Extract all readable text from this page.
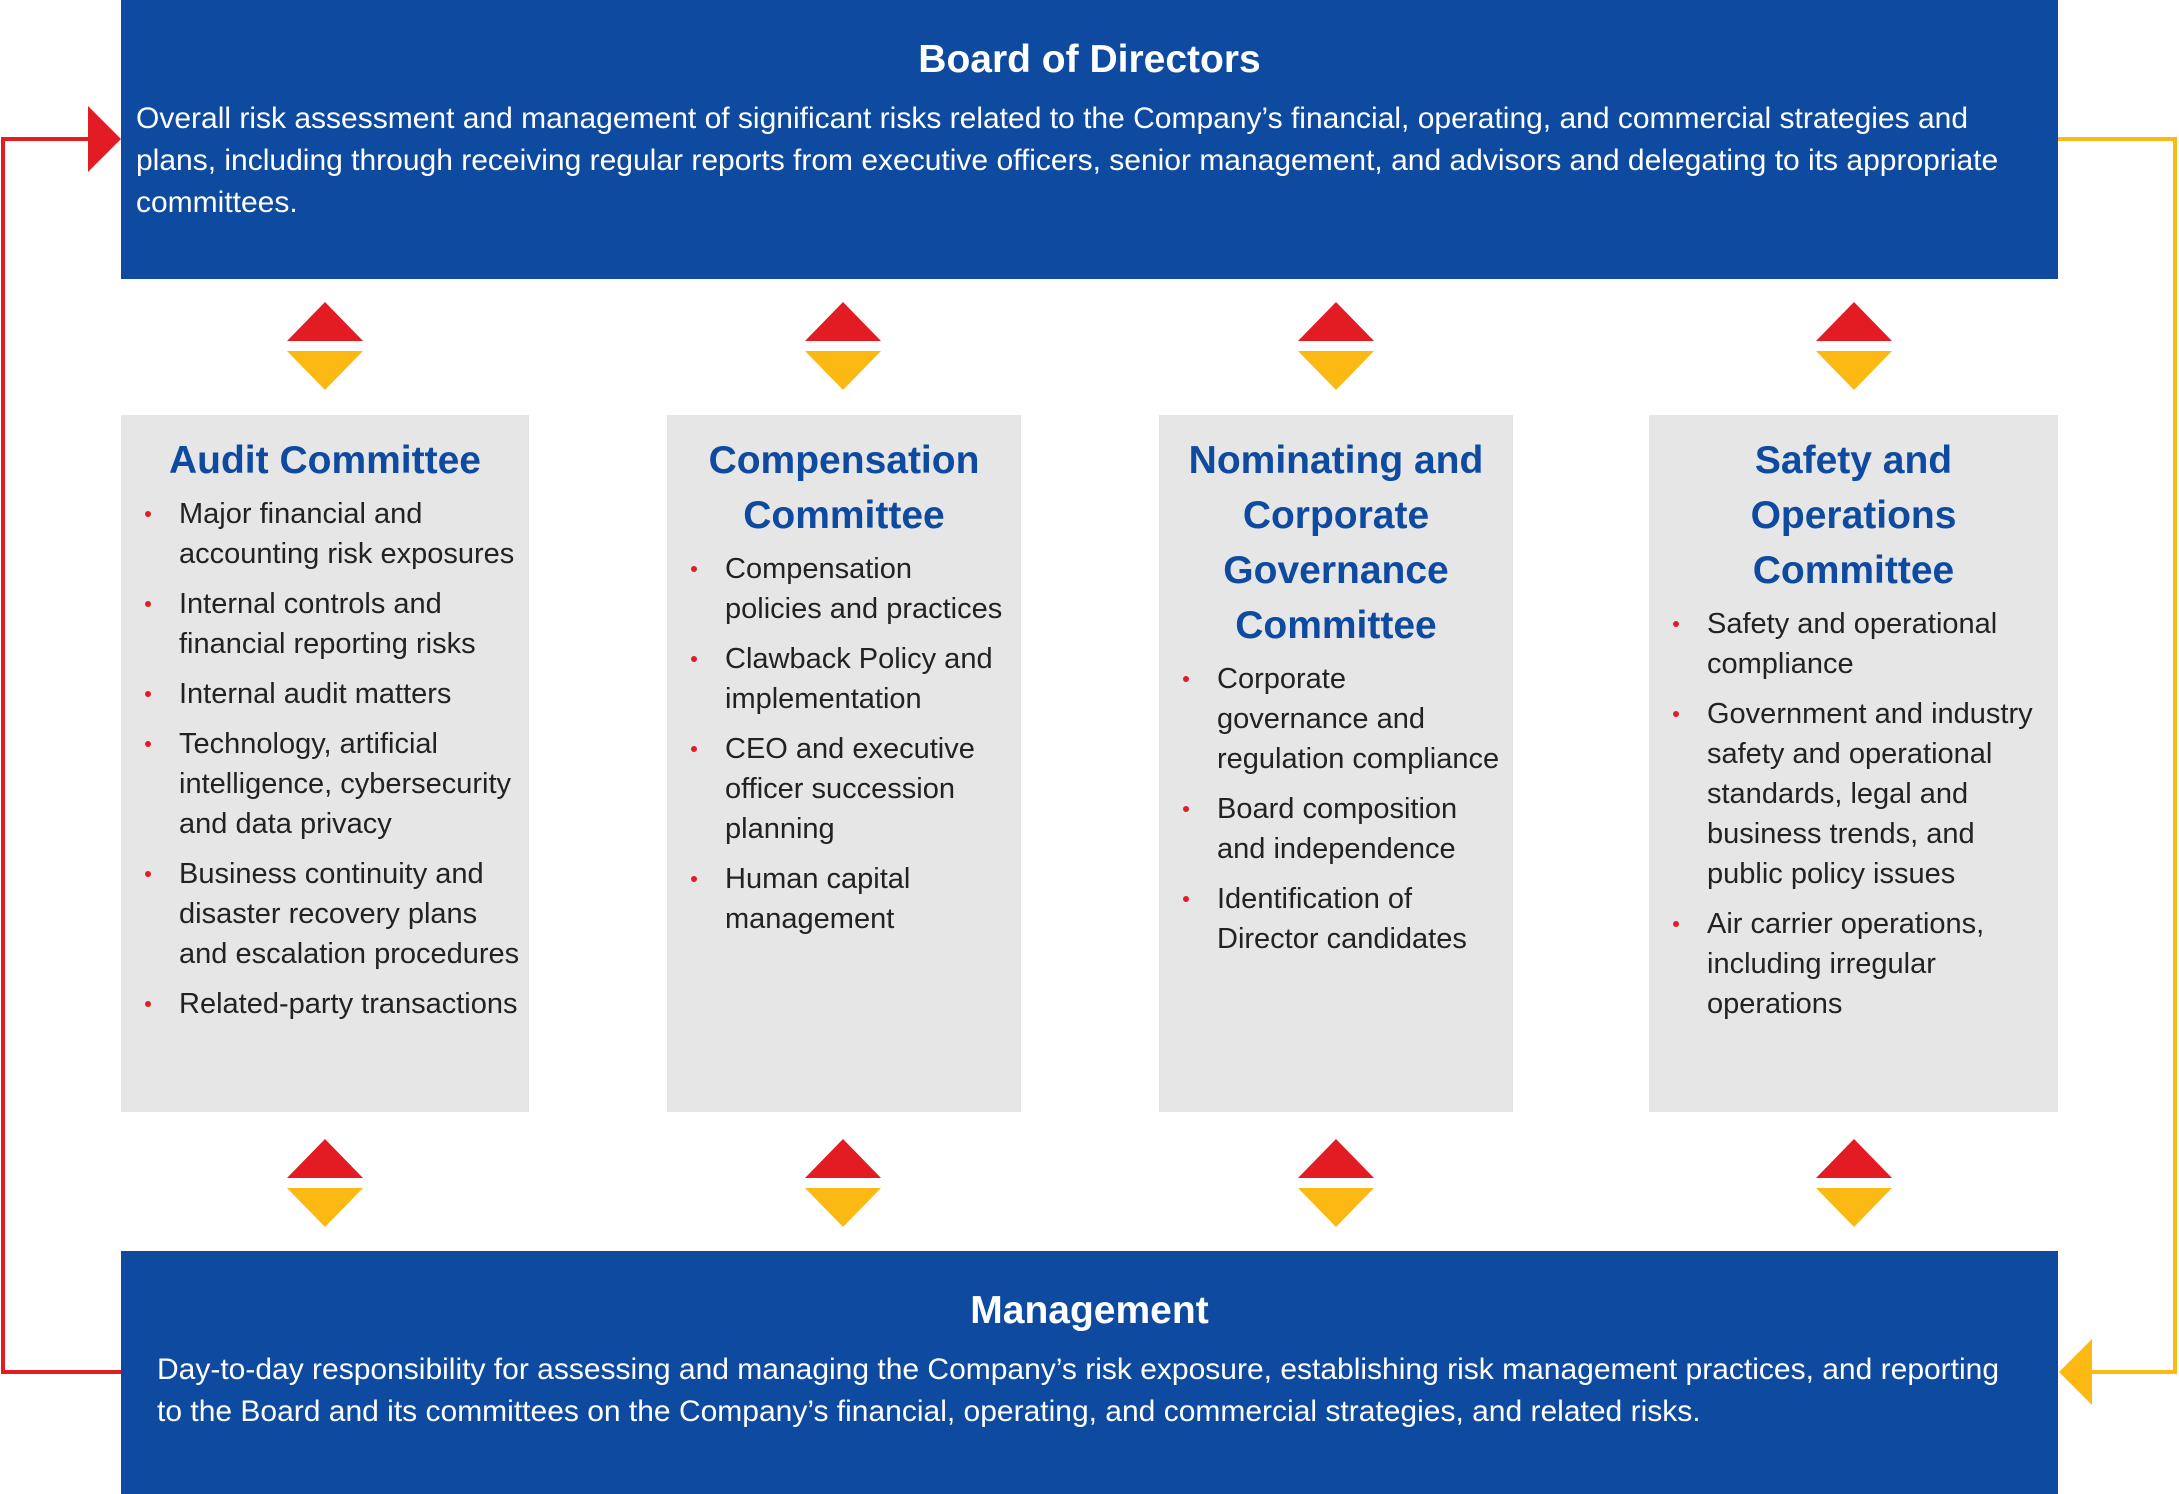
Board of Directors

Overall risk assessment and management of significant risks related to the Company’s financial, operating, and commercial strategies and plans, including through receiving regular reports from executive officers, senior management, and advisors and delegating to its appropriate committees.

Audit Committee
Major financial and accounting risk exposures
Internal controls and financial reporting risks
Internal audit matters
Technology, artificial intelligence, cybersecurity and data privacy
Business continuity and disaster recovery plans and escalation procedures
Related-party transactions
Compensation Committee
Compensation policies and practices
Clawback Policy and implementation
CEO and executive officer succession planning
Human capital management
Nominating and Corporate Governance Committee
Corporate governance and regulation compliance
Board composition and independence
Identification of Director candidates
Safety and Operations Committee
Safety and operational compliance
Government and industry safety and operational standards, legal and business trends, and public policy issues
Air carrier operations, including irregular operations
Management

Day-to-day responsibility for assessing and managing the Company’s risk exposure, establishing risk management practices, and reporting to the Board and its committees on the Company’s financial, operating, and commercial strategies, and related risks.
